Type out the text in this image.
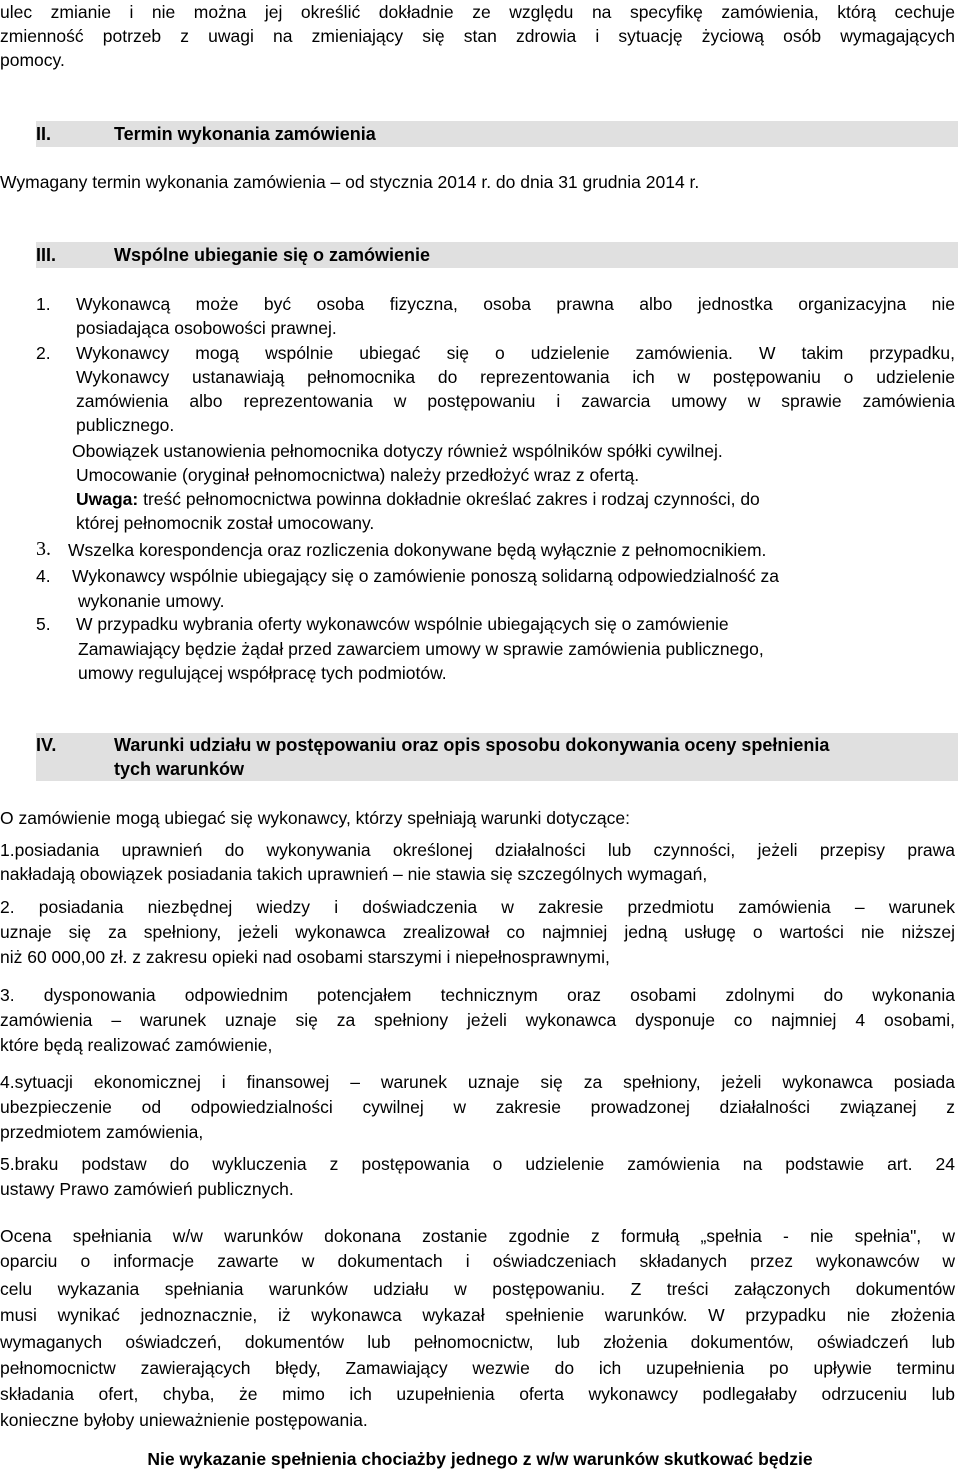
ulec zmianie i nie można jej określić dokładnie ze względu na specyfikę zamówienia, którą cechuje
zmienność potrzeb z uwagi na zmieniający się stan zdrowia i sytuację życiową osób wymagających
pomocy.
II.	Termin wykonania zamówienia
Wymagany termin wykonania zamówienia – od stycznia 2014 r. do dnia 31 grudnia 2014 r.
III.	Wspólne ubieganie się o zamówienie
1. Wykonawcą może być osoba fizyczna, osoba prawna albo jednostka organizacyjna nie
posiadająca osobowości prawnej.
2. Wykonawcy mogą wspólnie ubiegać się o udzielenie zamówienia. W takim przypadku,
Wykonawcy ustanawiają pełnomocnika do reprezentowania ich w postępowaniu o udzielenie
zamówienia albo reprezentowania w postępowaniu i zawarcia umowy w sprawie zamówienia
publicznego.
Obowiązek ustanowienia pełnomocnika dotyczy również wspólników spółki cywilnej.
Umocowanie (oryginał pełnomocnictwa) należy przedłożyć wraz z ofertą.
Uwaga: treść pełnomocnictwa powinna dokładnie określać zakres i rodzaj czynności, do
której pełnomocnik został umocowany.
3. Wszelka korespondencja oraz rozliczenia dokonywane będą wyłącznie z pełnomocnikiem.
4. Wykonawcy wspólnie ubiegający się o zamówienie ponoszą solidarną odpowiedzialność za
wykonanie umowy.
5. W przypadku wybrania oferty wykonawców wspólnie ubiegających się o zamówienie
Zamawiający będzie żądał przed zawarciem umowy w sprawie zamówienia publicznego,
umowy regulującej współpracę tych podmiotów.
IV.	Warunki udziału w postępowaniu oraz opis sposobu dokonywania oceny spełnienia
tych warunków
O zamówienie mogą ubiegać się wykonawcy, którzy spełniają warunki dotyczące:
1.posiadania uprawnień do wykonywania określonej działalności lub czynności, jeżeli przepisy prawa
nakładają obowiązek posiadania takich uprawnień – nie stawia się szczególnych wymagań,
2. posiadania niezbędnej wiedzy i doświadczenia w zakresie przedmiotu zamówienia – warunek
uznaje się za spełniony, jeżeli wykonawca zrealizował co najmniej jedną usługę o wartości nie niższej
niż 60 000,00 zł. z zakresu opieki nad osobami starszymi i niepełnosprawnymi,
3. dysponowania odpowiednim potencjałem technicznym oraz osobami zdolnymi do wykonania
zamówienia – warunek uznaje się za spełniony jeżeli wykonawca dysponuje co najmniej 4 osobami,
które będą realizować zamówienie,
4.sytuacji ekonomicznej i finansowej – warunek uznaje się za spełniony, jeżeli wykonawca posiada
ubezpieczenie od odpowiedzialności cywilnej w zakresie prowadzonej działalności związanej z
przedmiotem zamówienia,
5.braku podstaw do wykluczenia z postępowania o udzielenie zamówienia na podstawie art. 24
ustawy Prawo zamówień publicznych.
Ocena spełniania w/w warunków dokonana zostanie zgodnie z formułą „spełnia - nie spełnia", w
oparciu o informacje zawarte w dokumentach i oświadczeniach składanych przez wykonawców w
celu wykazania spełniania warunków udziału w postępowaniu. Z treści załączonych dokumentów
musi wynikać jednoznacznie, iż wykonawca wykazał spełnienie warunków. W przypadku nie złożenia
wymaganych oświadczeń, dokumentów lub pełnomocnictw, lub złożenia dokumentów, oświadczeń lub
pełnomocnictw zawierających błędy, Zamawiający wezwie do ich uzupełnienia po upływie terminu
składania ofert, chyba, że mimo ich uzupełnienia oferta wykonawcy podlegałaby odrzuceniu lub
konieczne byłoby unieważnienie postępowania.
Nie wykazanie spełnienia chociażby jednego z w/w warunków skutkować będzie
